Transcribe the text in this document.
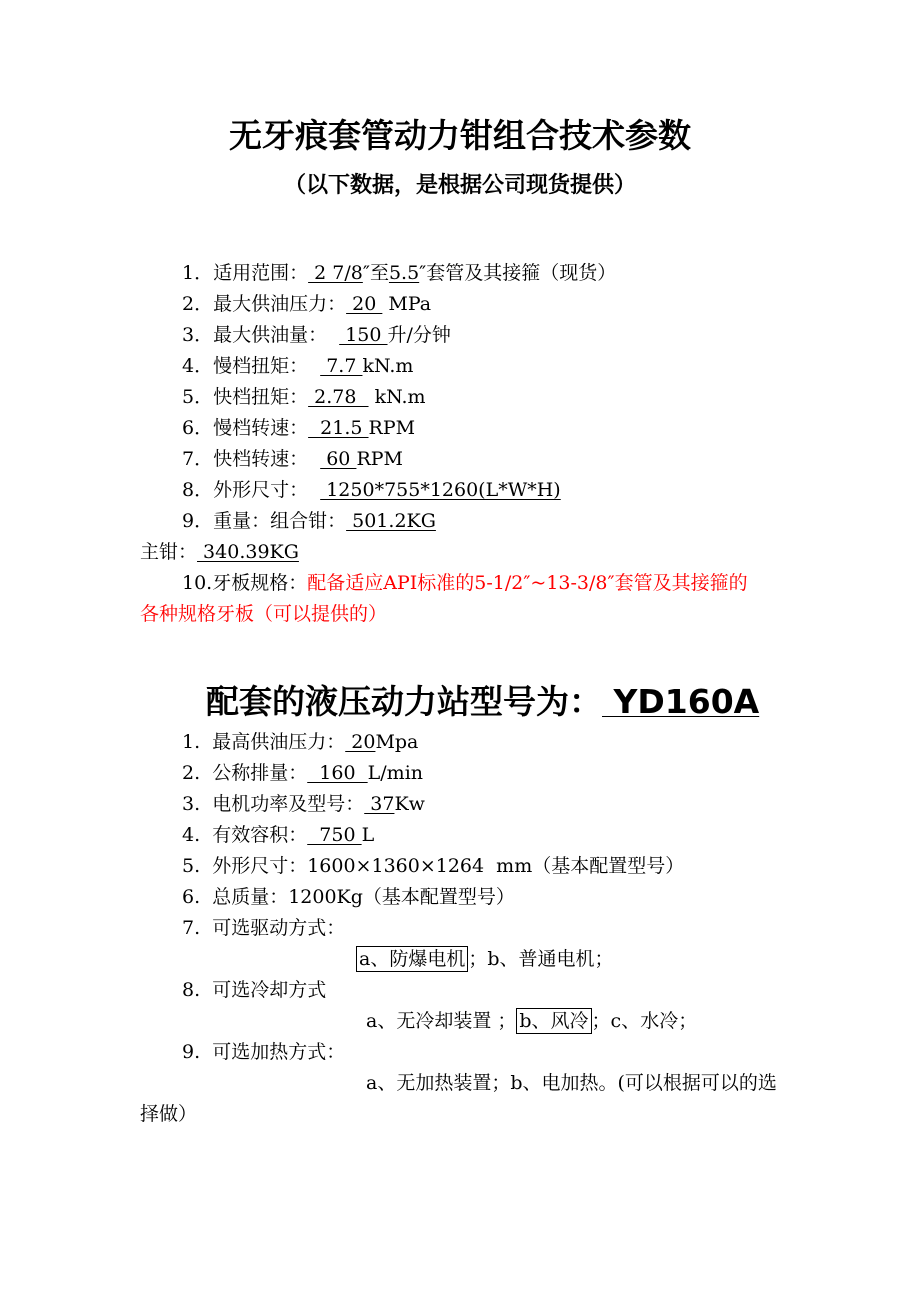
无牙痕套管动力钳组合技术参数
（以下数据，是根据公司现货提供）
1．适用范围： 2 7/8″至5.5″套管及其接箍（现货）
2．最大供油压力： 20  MPa
3．最大供油量：   150 升/分钟
4．慢档扭矩：   7.7 kN.m
5．快档扭矩： 2.78   kN.m
6．慢档转速：  21.5 RPM
7．快档转速：   60 RPM
8．外形尺寸：   1250*755*1260(L*W*H)
9．重量：组合钳： 501.2KG
主钳： 340.39KG
10.牙板规格：配备适应API标准的5-1/2″~13-3/8″套管及其接箍的
各种规格牙板（可以提供的）
配套的液压动力站型号为： YD160A
1.  最高供油压力： 20Mpa
2.  公称排量：  160  L/min
3.  电机功率及型号： 37Kw
4.  有效容积：  750 L
5.  外形尺寸：1600×1360×1264  mm（基本配置型号）
6.  总质量：1200Kg（基本配置型号）
7.  可选驱动方式：
a、防爆电机 ；b、普通电机；
8.  可选冷却方式
a、无冷却装置 ； b、风冷 ；c、水冷；
9.  可选加热方式：
a、无加热装置；b、电加热。(可以根据可以的选
择做）
